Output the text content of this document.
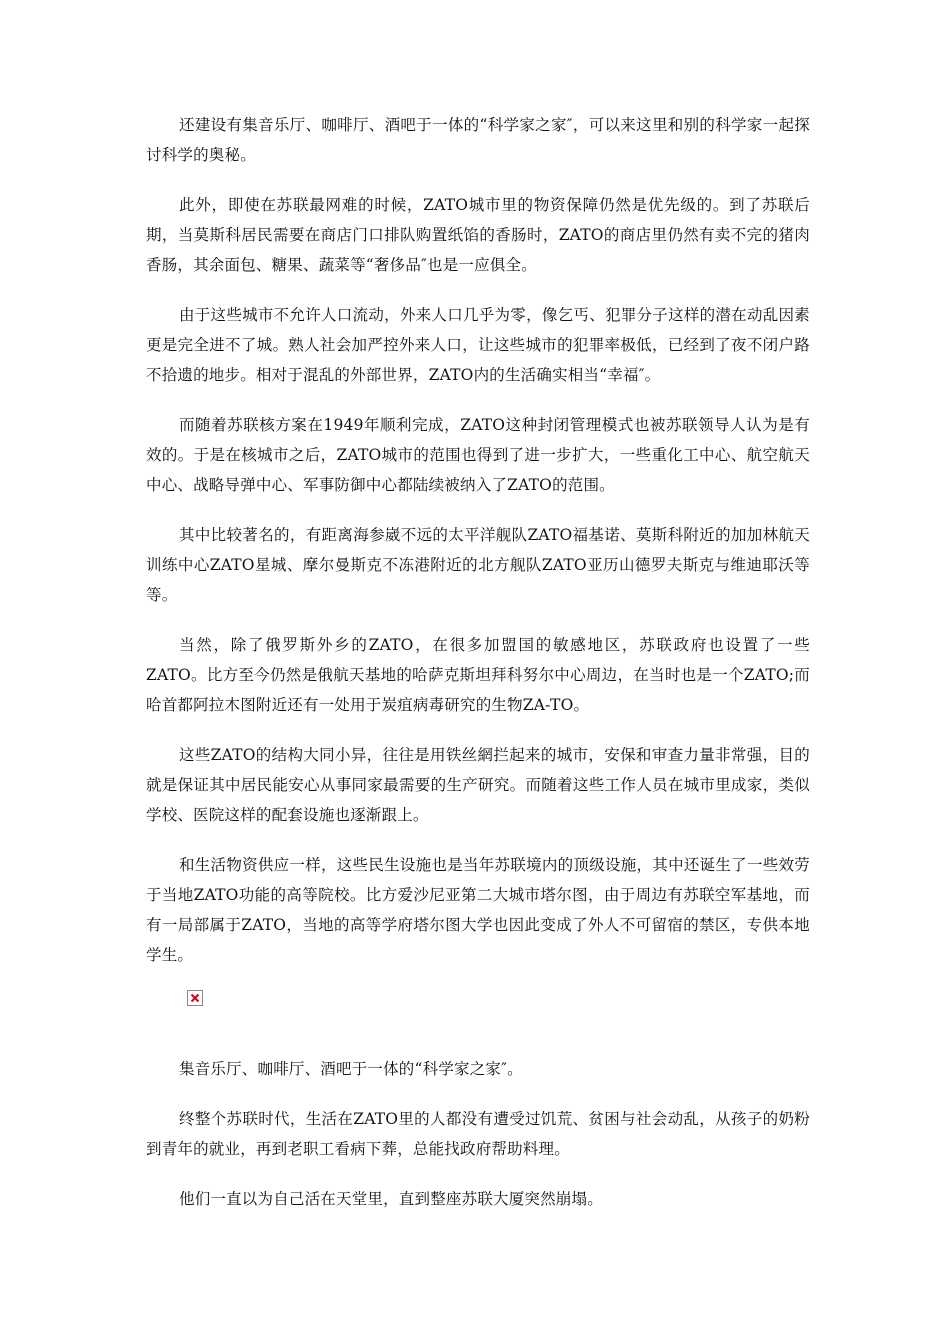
还建设有集音乐厅、咖啡厅、酒吧于一体的“科学家之家″，可以来这里和别的科学家一起探讨科学的奥秘。

此外，即使在苏联最网难的时候，ZATO城市里的物资保障仍然是优先级的。到了苏联后期，当莫斯科居民需要在商店门口排队购置纸馅的香肠时，ZATO的商店里仍然有卖不完的猪肉香肠，其余面包、糖果、蔬菜等“奢侈品″也是一应俱全。

由于这些城市不允许人口流动，外来人口几乎为零，像乞丐、犯罪分子这样的潜在动乱因素更是完全进不了城。熟人社会加严控外来人口，让这些城市的犯罪率极低，已经到了夜不闭户路不拾遗的地步。相对于混乱的外部世界，ZATO内的生活确实相当“幸福″。

而随着苏联核方案在1949年顺利完成，ZATO这种封闭管理模式也被苏联领导人认为是有效的。于是在核城市之后，ZATO城市的范围也得到了进一步扩大，一些重化工中心、航空航天中心、战略导弹中心、军事防御中心都陆续被纳入了ZATO的范围。

其中比较著名的，有距离海参崴不远的太平洋舰队ZATO福基诺、莫斯科附近的加加林航天训练中心ZATO星城、摩尔曼斯克不冻港附近的北方舰队ZATO亚历山德罗夫斯克与维迪耶沃等等。

当然，除了俄罗斯外乡的ZATO，在很多加盟国的敏感地区，苏联政府也设置了一些ZATO。比方至今仍然是俄航天基地的哈萨克斯坦拜科努尔中心周边，在当时也是一个ZATO;而哈首都阿拉木图附近还有一处用于炭疽病毒研究的生物ZA-TO。

这些ZATO的结构大同小异，往往是用铁丝網拦起来的城市，安保和审查力量非常强，目的就是保证其中居民能安心从事同家最需要的生产研究。而随着这些工作人员在城市里成家，类似学校、医院这样的配套设施也逐渐跟上。

和生活物资供应一样，这些民生设施也是当年苏联境内的顶级设施，其中还诞生了一些效劳于当地ZATO功能的高等院校。比方爱沙尼亚第二大城市塔尔图，由于周边有苏联空军基地，而有一局部属于ZATO，当地的高等学府塔尔图大学也因此变成了外人不可留宿的禁区，专供本地学生。

集音乐厅、咖啡厅、酒吧于一体的“科学家之家″。

终整个苏联时代，生活在ZATO里的人都没有遭受过饥荒、贫困与社会动乱，从孩子的奶粉到青年的就业，再到老职工看病下葬，总能找政府帮助料理。

他们一直以为自己活在天堂里，直到整座苏联大厦突然崩塌。
